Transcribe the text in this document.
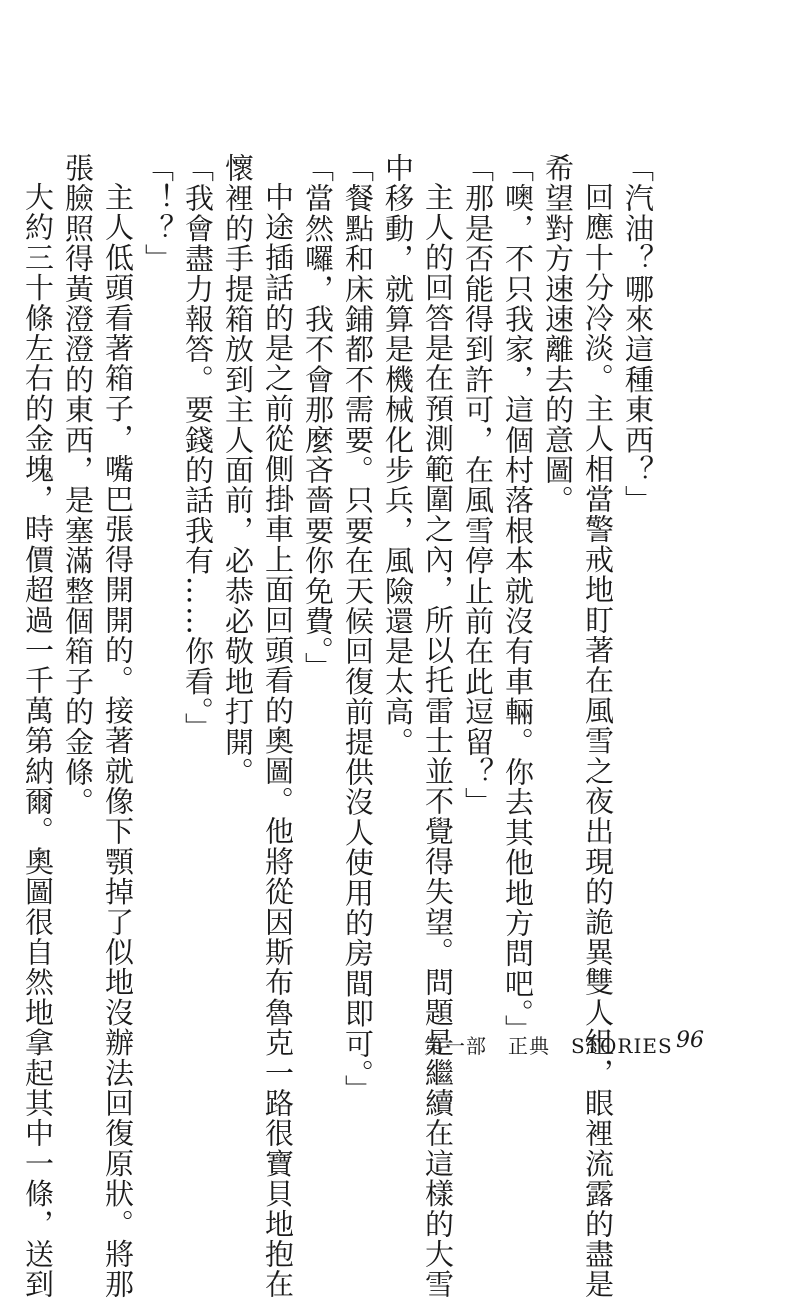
「汽油？哪來這種東西？」

回應十分冷淡。主人相當警戒地盯著在風雪之夜出現的詭異雙人組，眼裡流露的盡是

希望對方速速離去的意圖。

「噢，不只我家，這個村落根本就沒有車輛。你去其他地方問吧。」

「那是否能得到許可，在風雪停止前在此逗留？」

主人的回答是在預測範圍之內，所以托雷士並不覺得失望。問題是繼續在這樣的大雪

中移動，就算是機械化步兵，風險還是太高。

「餐點和床鋪都不需要。只要在天候回復前提供沒人使用的房間即可。」

「當然囉，我不會那麼吝嗇要你免費。」

中途插話的是之前從側掛車上面回頭看的奧圖。他將從因斯布魯克一路很寶貝地抱在

懷裡的手提箱放到主人面前，必恭必敬地打開。

「我會盡力報答。要錢的話我有……你看。」

「！？」

主人低頭看著箱子，嘴巴張得開開的。接著就像下顎掉了似地沒辦法回復原狀。將那

張臉照得黃澄澄的東西，是塞滿整個箱子的金條。

大約三十條左右的金塊，時價超過一千萬第納爾。奧圖很自然地拿起其中一條，送到	第一部　正典　STORIES 96
